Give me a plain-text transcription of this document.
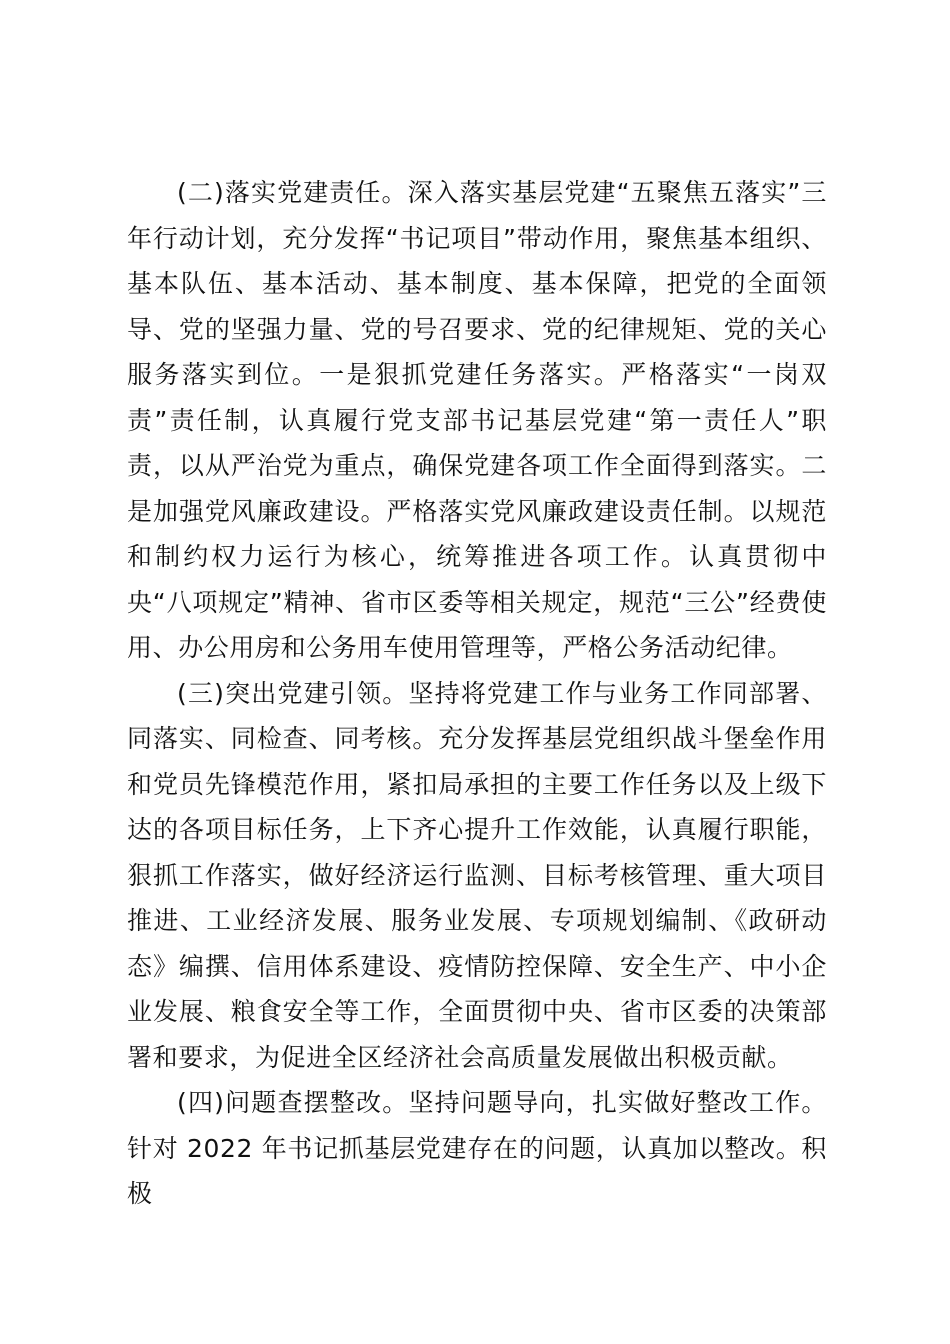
(二)落实党建责任。深入落实基层党建“五聚焦五落实”三年行动计划，充分发挥“书记项目”带动作用，聚焦基本组织、基本队伍、基本活动、基本制度、基本保障，把党的全面领导、党的坚强力量、党的号召要求、党的纪律规矩、党的关心服务落实到位。一是狠抓党建任务落实。严格落实“一岗双责”责任制，认真履行党支部书记基层党建“第一责任人”职责，以从严治党为重点，确保党建各项工作全面得到落实。二是加强党风廉政建设。严格落实党风廉政建设责任制。以规范和制约权力运行为核心，统筹推进各项工作。认真贯彻中央“八项规定”精神、省市区委等相关规定，规范“三公”经费使用、办公用房和公务用车使用管理等，严格公务活动纪律。

(三)突出党建引领。坚持将党建工作与业务工作同部署、同落实、同检查、同考核。充分发挥基层党组织战斗堡垒作用和党员先锋模范作用，紧扣局承担的主要工作任务以及上级下达的各项目标任务，上下齐心提升工作效能，认真履行职能，狠抓工作落实，做好经济运行监测、目标考核管理、重大项目推进、工业经济发展、服务业发展、专项规划编制、《政研动态》编撰、信用体系建设、疫情防控保障、安全生产、中小企业发展、粮食安全等工作，全面贯彻中央、省市区委的决策部署和要求，为促进全区经济社会高质量发展做出积极贡献。

(四)问题查摆整改。坚持问题导向，扎实做好整改工作。针对 2022 年书记抓基层党建存在的问题，认真加以整改。积极
